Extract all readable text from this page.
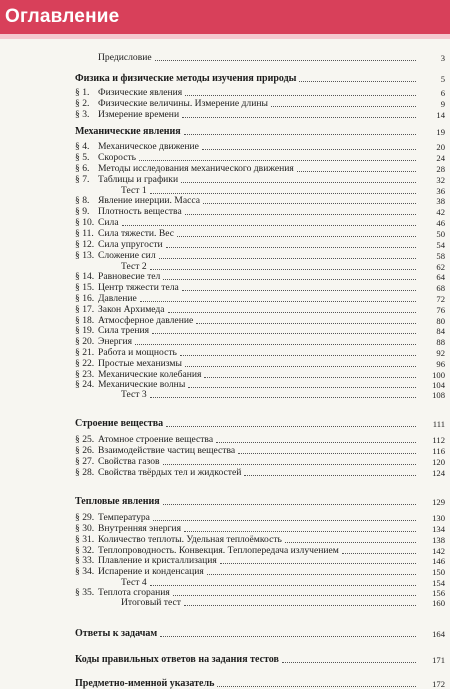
Оглавление
Предисловие	3
Физика и физические методы изучения природы	5
§ 1. Физические явления	6
§ 2. Физические величины. Измерение длины	9
§ 3. Измерение времени	14
Механические явления	19
§ 4. Механическое движение	20
§ 5. Скорость	24
§ 6. Методы исследования механического движения	28
§ 7. Таблицы и графики	32
Тест 1	36
§ 8. Явление инерции. Масса	38
§ 9. Плотность вещества	42
§ 10. Сила	46
§ 11. Сила тяжести. Вес	50
§ 12. Сила упругости	54
§ 13. Сложение сил	58
Тест 2	62
§ 14. Равновесие тел	64
§ 15. Центр тяжести тела	68
§ 16. Давление	72
§ 17. Закон Архимеда	76
§ 18. Атмосферное давление	80
§ 19. Сила трения	84
§ 20. Энергия	88
§ 21. Работа и мощность	92
§ 22. Простые механизмы	96
§ 23. Механические колебания	100
§ 24. Механические волны	104
Тест 3	108
Строение вещества	111
§ 25. Атомное строение вещества	112
§ 26. Взаимодействие частиц вещества	116
§ 27. Свойства газов	120
§ 28. Свойства твёрдых тел и жидкостей	124
Тепловые явления	129
§ 29. Температура	130
§ 30. Внутренняя энергия	134
§ 31. Количество теплоты. Удельная теплоёмкость	138
§ 32. Теплопроводность. Конвекция. Теплопередача излучением	142
§ 33. Плавление и кристаллизация	146
§ 34. Испарение и конденсация	150
Тест 4	154
§ 35. Теплота сгорания	156
Итоговый тест	160
Ответы к задачам	164
Коды правильных ответов на задания тестов	171
Предметно-именной указатель	172
